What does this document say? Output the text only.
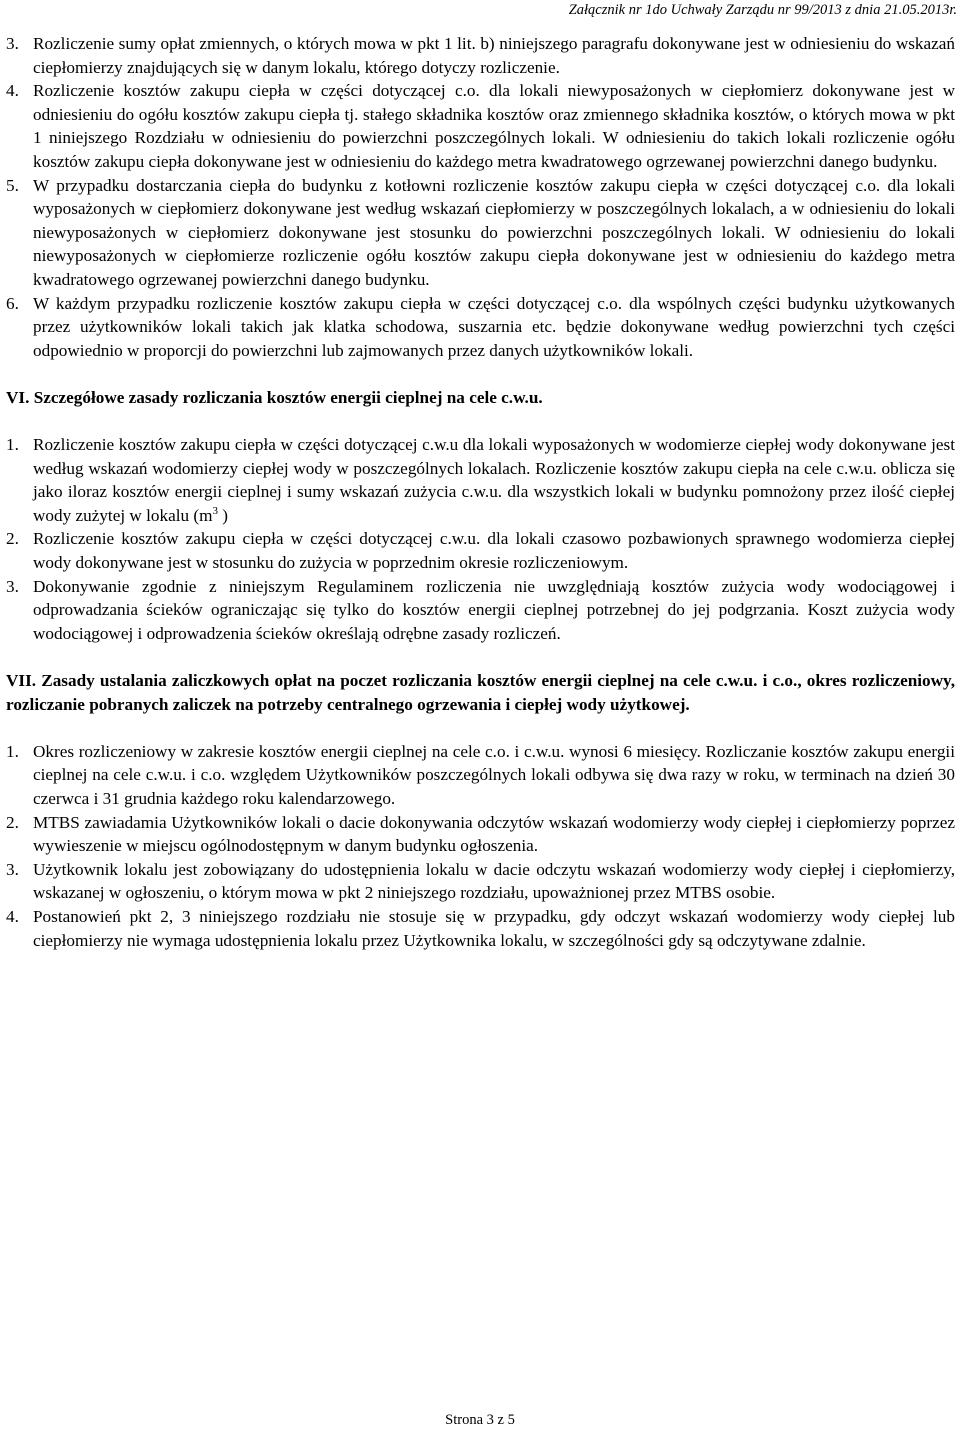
Załącznik nr 1do Uchwały Zarządu nr 99/2013 z dnia 21.05.2013r.
3. Rozliczenie sumy opłat zmiennych, o których mowa w pkt 1 lit. b) niniejszego paragrafu dokonywane jest w odniesieniu do wskazań ciepłomierzy znajdujących się w danym lokalu, którego dotyczy rozliczenie.
4. Rozliczenie kosztów zakupu ciepła w części dotyczącej c.o. dla lokali niewyposażonych w ciepłomierz dokonywane jest w odniesieniu do ogółu kosztów zakupu ciepła tj. stałego składnika kosztów oraz zmiennego składnika kosztów, o których mowa w pkt 1 niniejszego Rozdziału w odniesieniu do powierzchni poszczególnych lokali. W odniesieniu do takich lokali rozliczenie ogółu kosztów zakupu ciepła dokonywane jest w odniesieniu do każdego metra kwadratowego ogrzewanej powierzchni danego budynku.
5. W przypadku dostarczania ciepła do budynku z kotłowni rozliczenie kosztów zakupu ciepła w części dotyczącej c.o. dla lokali wyposażonych w ciepłomierz dokonywane jest według wskazań ciepłomierzy w poszczególnych lokalach, a w odniesieniu do lokali niewyposażonych w ciepłomierz dokonywane jest stosunku do powierzchni poszczególnych lokali. W odniesieniu do lokali niewyposażonych w ciepłomierze rozliczenie ogółu kosztów zakupu ciepła dokonywane jest w odniesieniu do każdego metra kwadratowego ogrzewanej powierzchni danego budynku.
6. W każdym przypadku rozliczenie kosztów zakupu ciepła w części dotyczącej c.o. dla wspólnych części budynku użytkowanych przez użytkowników lokali takich jak klatka schodowa, suszarnia etc. będzie dokonywane według powierzchni tych części odpowiednio w proporcji do powierzchni lub zajmowanych przez danych użytkowników lokali.
VI. Szczegółowe zasady rozliczania kosztów energii cieplnej na cele c.w.u.
1. Rozliczenie kosztów zakupu ciepła w części dotyczącej c.w.u dla lokali wyposażonych w wodomierze ciepłej wody dokonywane jest według wskazań wodomierzy ciepłej wody w poszczególnych lokalach. Rozliczenie kosztów zakupu ciepła na cele c.w.u. oblicza się jako iloraz kosztów energii cieplnej i sumy wskazań zużycia c.w.u. dla wszystkich lokali w budynku pomnożony przez ilość ciepłej wody zużytej w lokalu ($m^3$ )
2. Rozliczenie kosztów zakupu ciepła w części dotyczącej c.w.u. dla lokali czasowo pozbawionych sprawnego wodomierza ciepłej wody dokonywane jest w stosunku do zużycia w poprzednim okresie rozliczeniowym.
3. Dokonywanie zgodnie z niniejszym Regulaminem rozliczenia nie uwzględniają kosztów zużycia wody wodociągowej i odprowadzania ścieków ograniczając się tylko do kosztów energii cieplnej potrzebnej do jej podgrzania. Koszt zużycia wody wodociągowej i odprowadzenia ścieków określają odrębne zasady rozliczeń.
VII. Zasady ustalania zaliczkowych opłat na poczet rozliczania kosztów energii cieplnej na cele c.w.u. i c.o., okres rozliczeniowy, rozliczanie pobranych zaliczek na potrzeby centralnego ogrzewania i ciepłej wody użytkowej.
1. Okres rozliczeniowy w zakresie kosztów energii cieplnej na cele c.o. i c.w.u. wynosi 6 miesięcy. Rozliczanie kosztów zakupu energii cieplnej na cele c.w.u. i c.o. względem Użytkowników poszczególnych lokali odbywa się dwa razy w roku, w terminach na dzień 30 czerwca i 31 grudnia każdego roku kalendarzowego.
2. MTBS zawiadamia Użytkowników lokali o dacie dokonywania odczytów wskazań wodomierzy wody ciepłej i ciepłomierzy poprzez wywieszenie w miejscu ogólnodostępnym w danym budynku ogłoszenia.
3. Użytkownik lokalu jest zobowiązany do udostępnienia lokalu w dacie odczytu wskazań wodomierzy wody ciepłej i ciepłomierzy, wskazanej w ogłoszeniu, o którym mowa w pkt 2 niniejszego rozdziału, upoważnionej przez MTBS osobie.
4. Postanowień pkt 2, 3 niniejszego rozdziału nie stosuje się w przypadku, gdy odczyt wskazań wodomierzy wody ciepłej lub ciepłomierzy nie wymaga udostępnienia lokalu przez Użytkownika lokalu, w szczególności gdy są odczytywane zdalnie.
Strona 3 z 5
